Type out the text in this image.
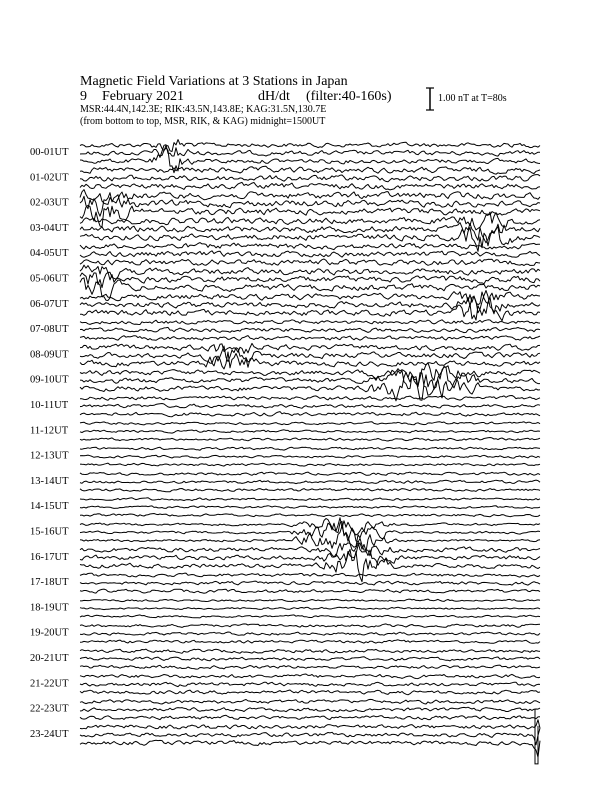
Magnetic Field Variations at 3 Stations in Japan
9 February 2021	dH/dt (filter:40-160s)
MSR:44.4N,142.3E; RIK:43.5N,143.8E; KAG:31.5N,130.7E
(from bottom to top, MSR, RIK, & KAG) midnight=1500UT
1.00 nT at T=80s
00-01UT
01-02UT
02-03UT
03-04UT
04-05UT
05-06UT
06-07UT
07-08UT
08-09UT
09-10UT
10-11UT
11-12UT
12-13UT
13-14UT
14-15UT
15-16UT
16-17UT
17-18UT
18-19UT
19-20UT
20-21UT
21-22UT
22-23UT
23-24UT
